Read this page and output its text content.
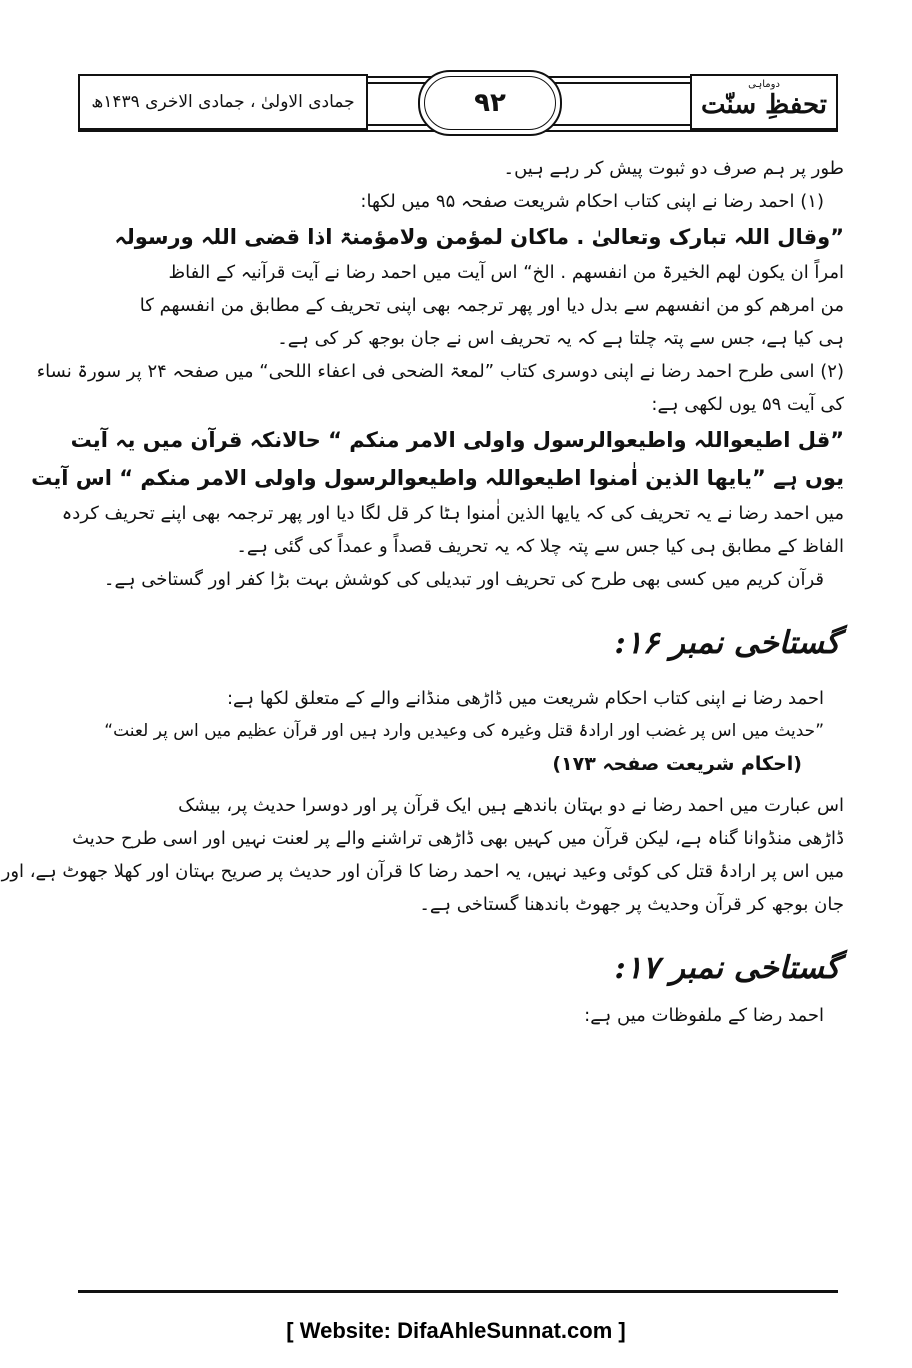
جمادی الاولیٰ ، جمادی الاخری ۱۴۳۹ھ	۹۲
دوماہی
تحفظِ سنّت
طور پر ہم صرف دو ثبوت پیش کر رہے ہیں۔
(۱) احمد رضا نے اپنی کتاب احکام شریعت صفحہ ۹۵ میں لکھا:
”وقال اللہ تبارک وتعالیٰ . ماکان لمؤمن ولامؤمنۃ اذا قضی اللہ ورسولہ
امراً ان یکون لھم الخیرۃ من انفسھم . الخ“ اس آیت میں احمد رضا نے آیت قرآنیہ کے الفاظ
من امرھم کو من انفسھم سے بدل دیا اور پھر ترجمہ بھی اپنی تحریف کے مطابق من انفسھم کا
ہی کیا ہے، جس سے پتہ چلتا ہے کہ یہ تحریف اس نے جان بوجھ کر کی ہے۔
(۲) اسی طرح احمد رضا نے اپنی دوسری کتاب ”لمعۃ الضحی فی اعفاء اللحی“ میں صفحہ ۲۴ پر سورۃ نساء
کی آیت ۵۹ یوں لکھی ہے:
”قل اطیعواللہ واطیعوالرسول واولی الامر منکم “ حالانکہ قرآن میں یہ آیت
یوں ہے ”یایھا الذین اٰمنوا اطیعواللہ واطیعوالرسول واولی الامر منکم “ اس آیت
میں احمد رضا نے یہ تحریف کی کہ یایھا الذین اٰمنوا ہٹا کر قل لگا دیا اور پھر ترجمہ بھی اپنے تحریف کردہ
الفاظ کے مطابق ہی کیا جس سے پتہ چلا کہ یہ تحریف قصداً و عمداً کی گئی ہے۔
قرآن کریم میں کسی بھی طرح کی تحریف اور تبدیلی کی کوشش بہت بڑا کفر اور گستاخی ہے۔
گستاخی نمبر ۱۶:
احمد رضا نے اپنی کتاب احکام شریعت میں ڈاڑھی منڈانے والے کے متعلق لکھا ہے:
”حدیث میں اس پر غضب اور ارادۂ قتل وغیرہ کی وعیدیں وارد ہیں اور قرآن عظیم میں اس پر لعنت“
(احکام شریعت صفحہ ۱۷۳)
اس عبارت میں احمد رضا نے دو بہتان باندھے ہیں ایک قرآن پر اور دوسرا حدیث پر، بیشک
ڈاڑھی منڈوانا گناہ ہے، لیکن قرآن میں کہیں بھی ڈاڑھی تراشنے والے پر لعنت نہیں اور اسی طرح حدیث
میں اس پر ارادۂ قتل کی کوئی وعید نہیں، یہ احمد رضا کا قرآن اور حدیث پر صریح بہتان اور کھلا جھوٹ ہے، اور
جان بوجھ کر قرآن وحدیث پر جھوٹ باندھنا گستاخی ہے۔
گستاخی نمبر ۱۷:
احمد رضا کے ملفوظات میں ہے:
[ Website: DifaAhleSunnat.com ]
